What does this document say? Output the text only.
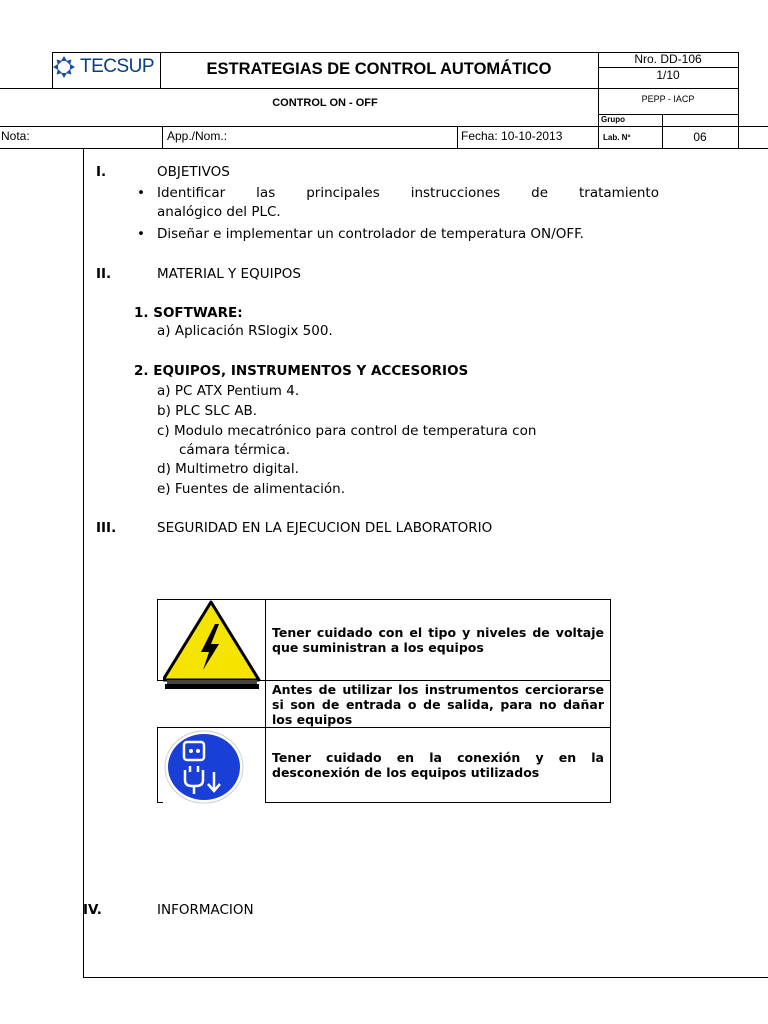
TECSUP	ESTRATEGIAS DE CONTROL AUTOMÁTICO
CONTROL ON - OFF
Nro. DD-106
1/10
PEPP - IACP
Grupo
Lab. Nº	06
Nota:	App./Nom.:	Fecha: 10-10-2013
I.	OBJETIVOS
• Identificar las principales instrucciones de tratamiento
analógico del PLC.
• Diseñar e implementar un controlador de temperatura ON/OFF.
II.	MATERIAL Y EQUIPOS
1. SOFTWARE:
a) Aplicación RSlogix 500.
2. EQUIPOS, INSTRUMENTOS Y ACCESORIOS
a) PC ATX Pentium 4.
b) PLC SLC AB.
c) Modulo mecatrónico para control de temperatura con
cámara térmica.
d) Multimetro digital.
e) Fuentes de alimentación.
III.	SEGURIDAD EN LA EJECUCION DEL LABORATORIO
Tener cuidado con el tipo y niveles de voltaje que suministran a los equipos
Antes de utilizar los instrumentos cerciorarse si son de entrada o de salida, para no dañar los equipos
Tener cuidado en la conexión y en la desconexión de los equipos utilizados
IV.	INFORMACION
